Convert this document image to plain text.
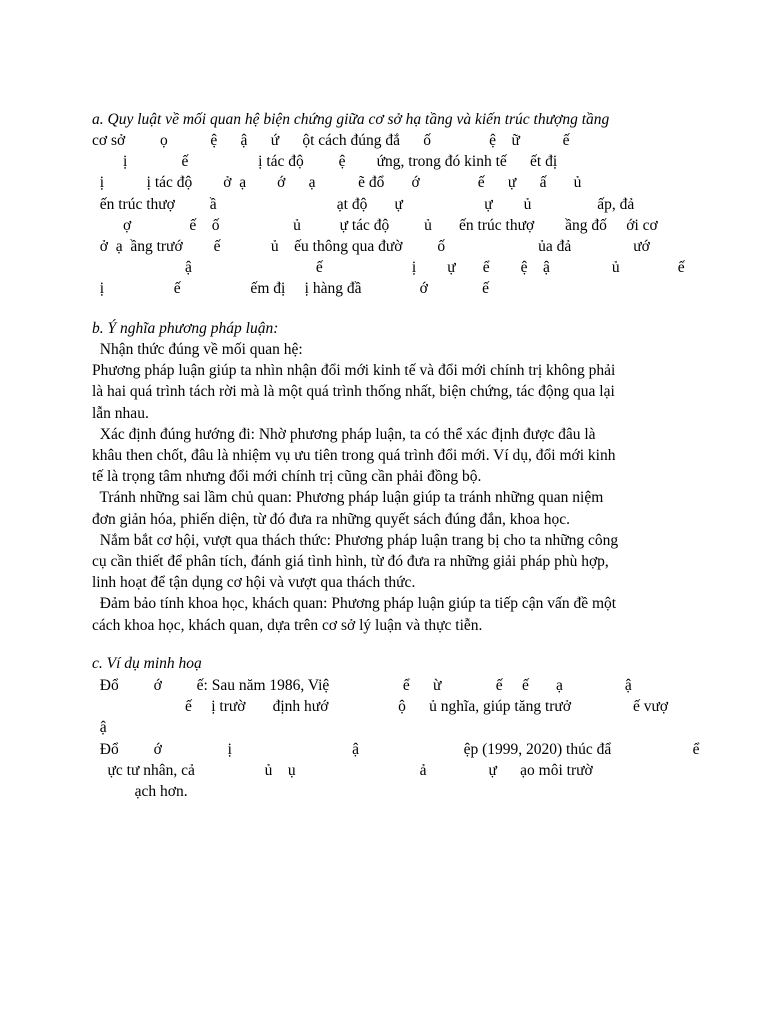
a. Quy luật về mối quan hệ biện chứng giữa cơ sở hạ tầng và kiến trúc thượng tầng
cơ sở         ọ           ệ      ậ      ứ      ột cách đúng đắ      ố               ệ    ữ           ế
ị              ế                  ị tác độ         ệ        ứng, trong đó kinh tế      ết đị
ị           ị tác độ        ở  ạ        ớ      ạ           ẽ đổ       ớ               ế      ự      ấ       ủ
ến trúc thượ         ầ                               ạt độ       ự                     ự        ủ                 ấp, đả
ợ               ế    ố                   ủ          ự tác độ         ủ       ến trúc thượ        ầng đố     ới cơ
ở  ạ  ầng trướ        ế             ủ    ếu thông qua đườ         ố                        ủa đả                ướ
ậ                                ế                       ị        ự       ể        ệ    ậ                ủ               ế
ị                  ế                  ếm đị     ị hàng đầ               ớ              ế
b. Ý nghĩa phương pháp luận:
Nhận thức đúng về mối quan hệ:
Phương pháp luận giúp ta nhìn nhận đổi mới kinh tế và đổi mới chính trị không phải
là hai quá trình tách rời mà là một quá trình thống nhất, biện chứng, tác động qua lại
lẫn nhau.
Xác định đúng hướng đi: Nhờ phương pháp luận, ta có thể xác định được đâu là
khâu then chốt, đâu là nhiệm vụ ưu tiên trong quá trình đổi mới. Ví dụ, đổi mới kinh
tế là trọng tâm nhưng đổi mới chính trị cũng cần phải đồng bộ.
Tránh những sai lầm chủ quan: Phương pháp luận giúp ta tránh những quan niệm
đơn giản hóa, phiến diện, từ đó đưa ra những quyết sách đúng đắn, khoa học.
Nắm bắt cơ hội, vượt qua thách thức: Phương pháp luận trang bị cho ta những công
cụ cần thiết để phân tích, đánh giá tình hình, từ đó đưa ra những giải pháp phù hợp,
linh hoạt để tận dụng cơ hội và vượt qua thách thức.
Đảm bảo tính khoa học, khách quan: Phương pháp luận giúp ta tiếp cận vấn đề một
cách khoa học, khách quan, dựa trên cơ sở lý luận và thực tiễn.
c. Ví dụ minh hoạ
Đổ         ớ         ế: Sau năm 1986, Việ                   ể      ừ              ế     ế       ạ                ậ
ế     ị trườ       định hướ                  ộ      ủ nghĩa, giúp tăng trưở                ế vượ
ậ
Đổ         ớ                 ị                               ậ                           ệp (1999, 2020) thúc đẩ                     ể
ực tư nhân, cả                  ủ    ụ                                ả                ự      ạo môi trườ
ạch hơn.
